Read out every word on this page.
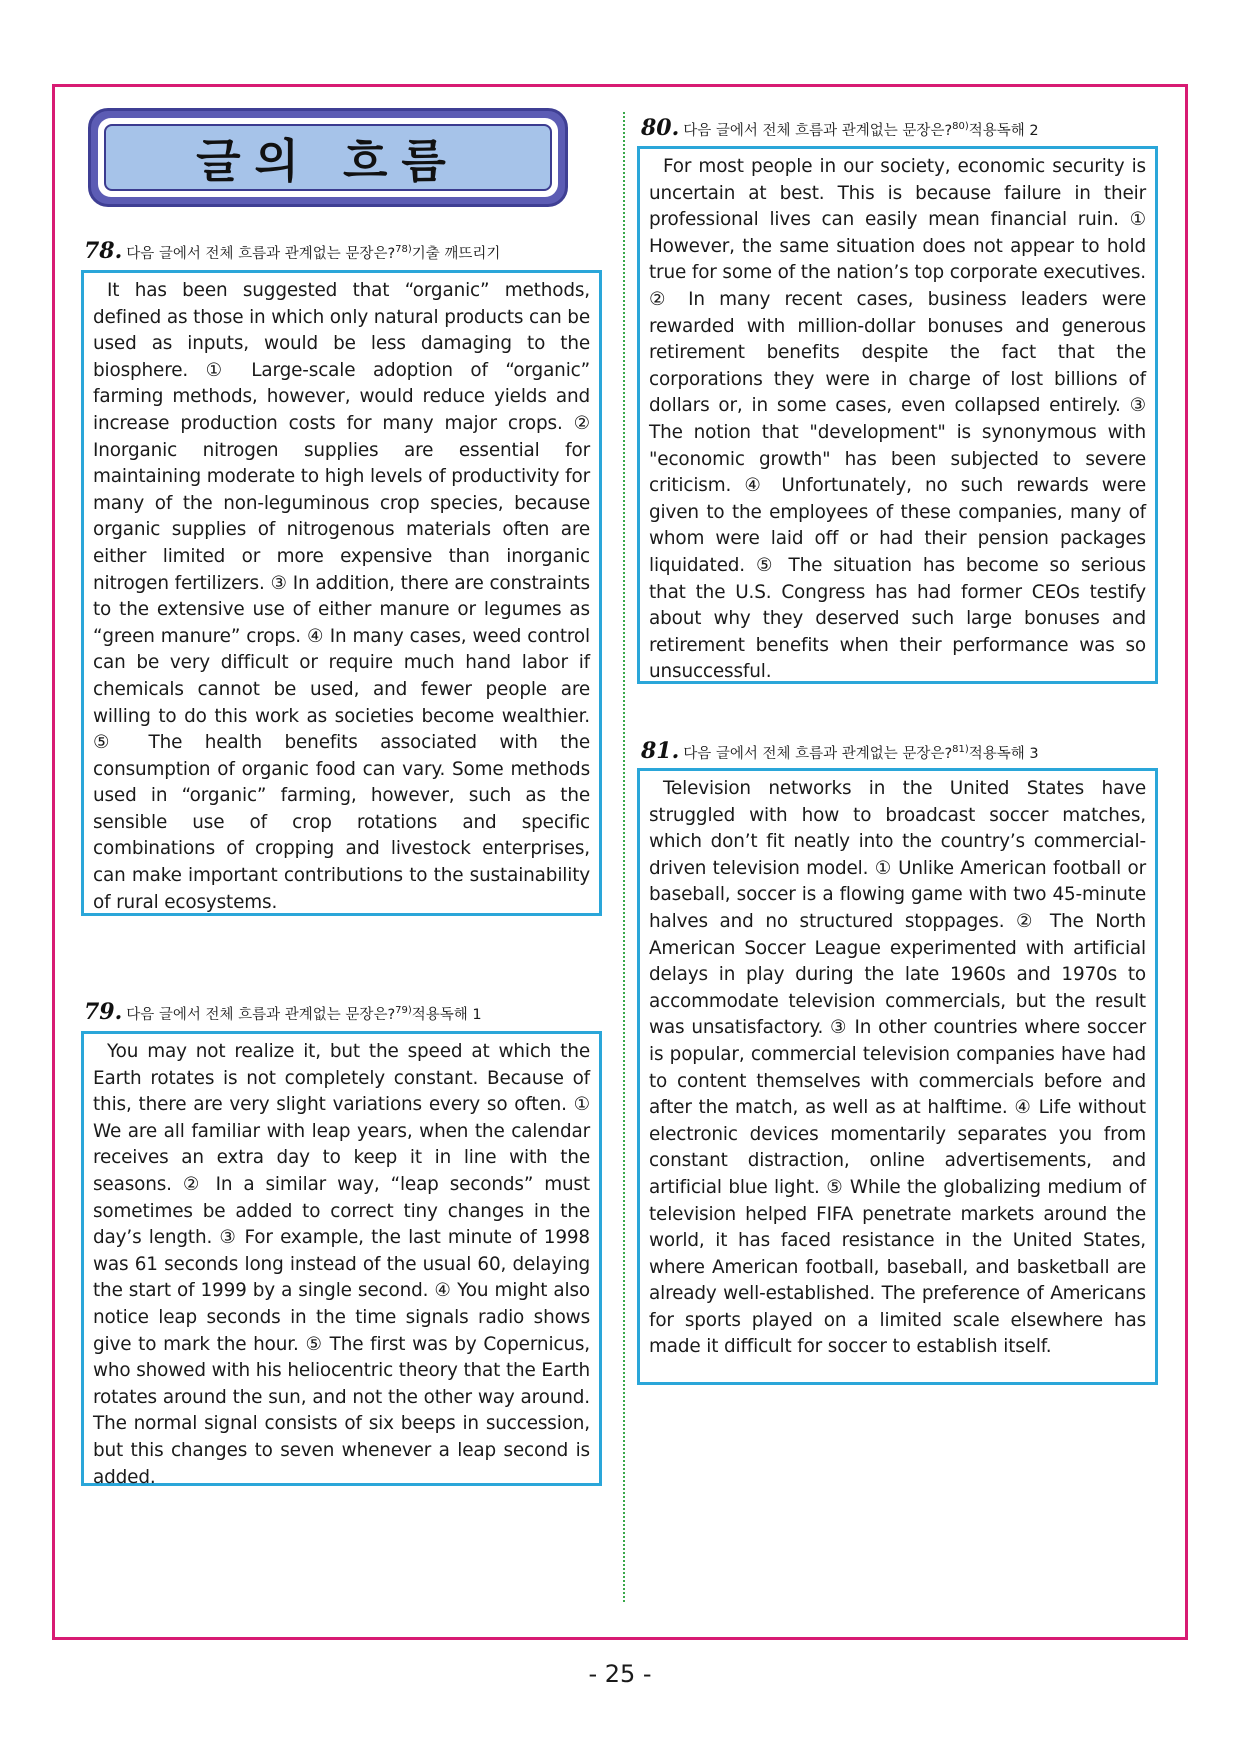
글의 흐름
78. 다음 글에서 전체 흐름과 관계없는 문장은?$^{78)}$기출 깨뜨리기

It has been suggested that “organic” methods, defined as those in which only natural products can be used as inputs, would be less damaging to the biosphere. ① Large-scale adoption of “organic” farming methods, however, would reduce yields and increase production costs for many major crops. ② Inorganic nitrogen supplies are essential for maintaining moderate to high levels of productivity for many of the non-leguminous crop species, because organic supplies of nitrogenous materials often are either limited or more expensive than inorganic nitrogen fertilizers. ③ In addition, there are constraints to the extensive use of either manure or legumes as “green manure” crops. ④ In many cases, weed control can be very difficult or require much hand labor if chemicals cannot be used, and fewer people are willing to do this work as societies become wealthier. ⑤ The health benefits associated with the consumption of organic food can vary. Some methods used in “organic” farming, however, such as the sensible use of crop rotations and specific combinations of cropping and livestock enterprises, can make important contributions to the sustainability of rural ecosystems.

79. 다음 글에서 전체 흐름과 관계없는 문장은?$^{79)}$적용독해 1

You may not realize it, but the speed at which the Earth rotates is not completely constant. Because of this, there are very slight variations every so often. ① We are all familiar with leap years, when the calendar receives an extra day to keep it in line with the seasons. ② In a similar way, “leap seconds” must sometimes be added to correct tiny changes in the day’s length. ③ For example, the last minute of 1998 was 61 seconds long instead of the usual 60, delaying the start of 1999 by a single second. ④ You might also notice leap seconds in the time signals radio shows give to mark the hour. ⑤ The first was by Copernicus, who showed with his heliocentric theory that the Earth rotates around the sun, and not the other way around. The normal signal consists of six beeps in succession, but this changes to seven whenever a leap second is added.

80. 다음 글에서 전체 흐름과 관계없는 문장은?$^{80)}$적용독해 2

For most people in our society, economic security is uncertain at best. This is because failure in their professional lives can easily mean financial ruin. ① However, the same situation does not appear to hold true for some of the nation’s top corporate executives. ② In many recent cases, business leaders were rewarded with million-dollar bonuses and generous retirement benefits despite the fact that the corporations they were in charge of lost billions of dollars or, in some cases, even collapsed entirely. ③ The notion that "development" is synonymous with "economic growth" has been subjected to severe criticism. ④ Unfortunately, no such rewards were given to the employees of these companies, many of whom were laid off or had their pension packages liquidated. ⑤ The situation has become so serious that the U.S. Congress has had former CEOs testify about why they deserved such large bonuses and retirement benefits when their performance was so unsuccessful.

81. 다음 글에서 전체 흐름과 관계없는 문장은?$^{81)}$적용독해 3

Television networks in the United States have struggled with how to broadcast soccer matches, which don’t fit neatly into the country’s commercial-driven television model. ① Unlike American football or baseball, soccer is a flowing game with two 45-minute halves and no structured stoppages. ② The North American Soccer League experimented with artificial delays in play during the late 1960s and 1970s to accommodate television commercials, but the result was unsatisfactory. ③ In other countries where soccer is popular, commercial television companies have had to content themselves with commercials before and after the match, as well as at halftime. ④ Life without electronic devices momentarily separates you from constant distraction, online advertisements, and artificial blue light. ⑤ While the globalizing medium of television helped FIFA penetrate markets around the world, it has faced resistance in the United States, where American football, baseball, and basketball are already well-established. The preference of Americans for sports played on a limited scale elsewhere has made it difficult for soccer to establish itself.

- 25 -
